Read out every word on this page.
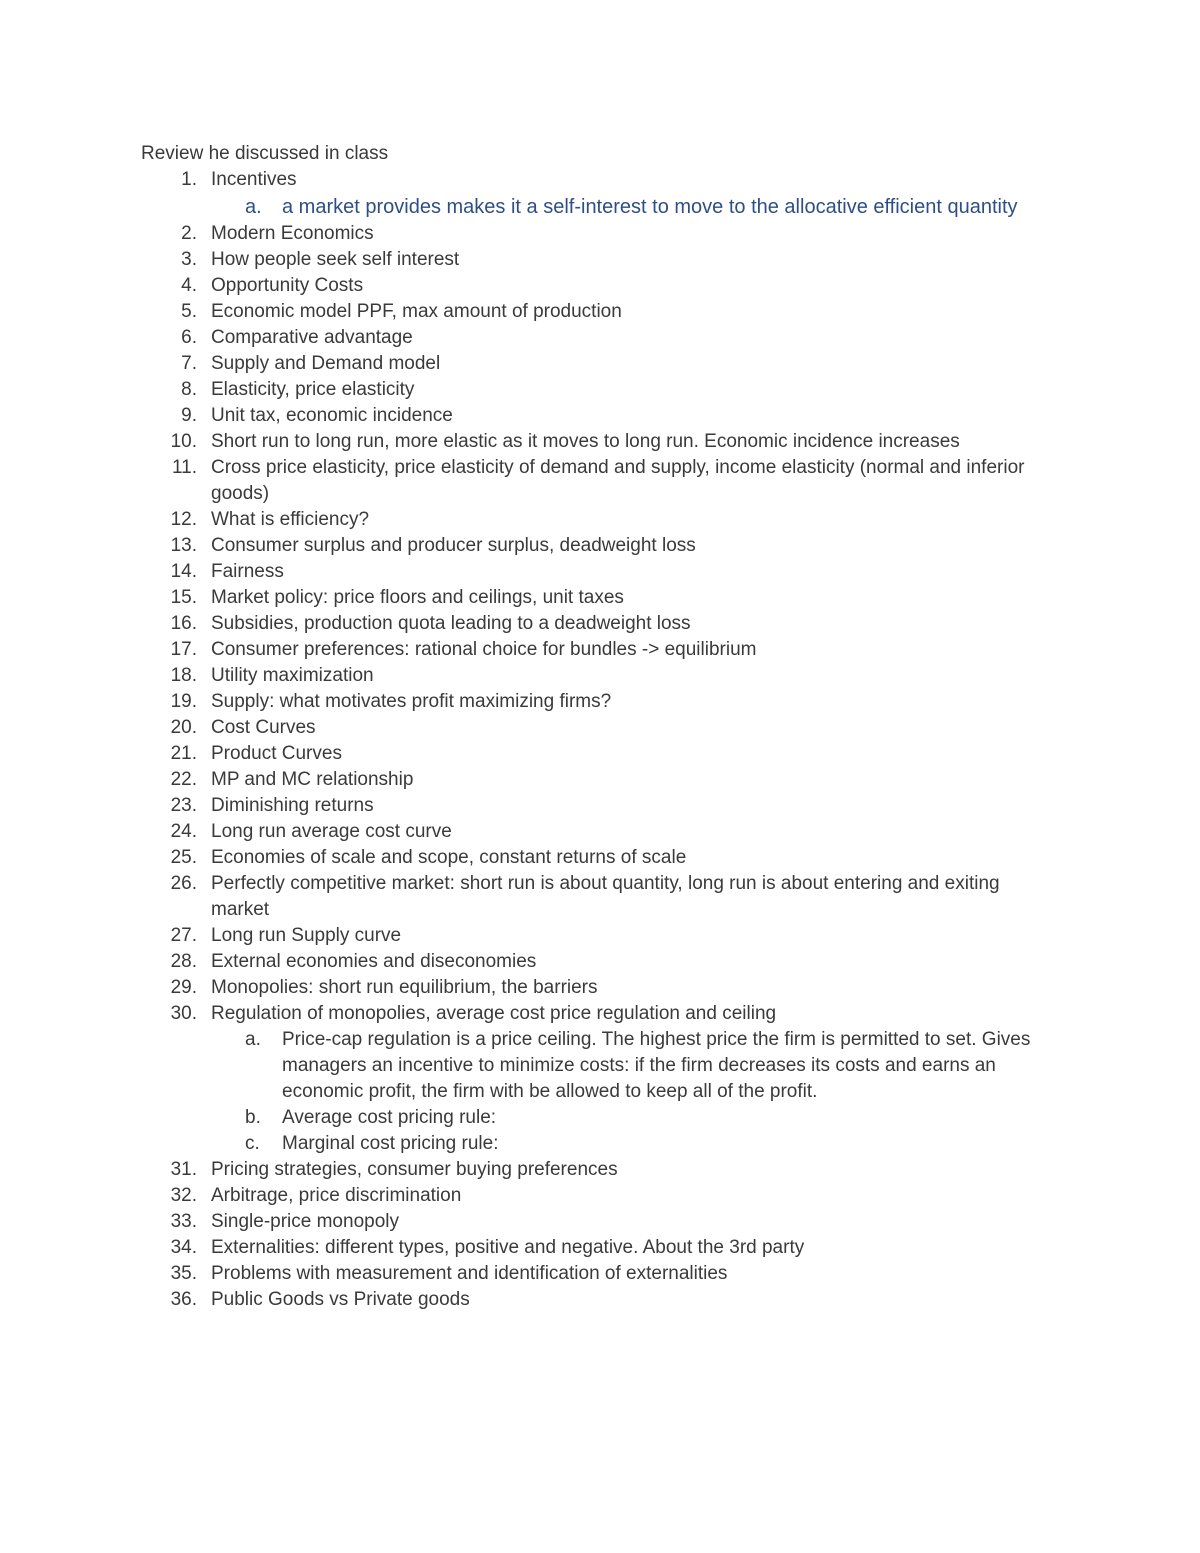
Review he discussed in class
1. Incentives
a. a market provides makes it a self-interest to move to the allocative efficient quantity
2. Modern Economics
3. How people seek self interest
4. Opportunity Costs
5. Economic model PPF, max amount of production
6. Comparative advantage
7. Supply and Demand model
8. Elasticity, price elasticity
9. Unit tax, economic incidence
10. Short run to long run, more elastic as it moves to long run. Economic incidence increases
11. Cross price elasticity, price elasticity of demand and supply, income elasticity (normal and inferior goods)
12. What is efficiency?
13. Consumer surplus and producer surplus, deadweight loss
14. Fairness
15. Market policy: price floors and ceilings, unit taxes
16. Subsidies, production quota leading to a deadweight loss
17. Consumer preferences: rational choice for bundles -> equilibrium
18. Utility maximization
19. Supply: what motivates profit maximizing firms?
20. Cost Curves
21. Product Curves
22. MP and MC relationship
23. Diminishing returns
24. Long run average cost curve
25. Economies of scale and scope, constant returns of scale
26. Perfectly competitive market: short run is about quantity, long run is about entering and exiting market
27. Long run Supply curve
28. External economies and diseconomies
29. Monopolies: short run equilibrium, the barriers
30. Regulation of monopolies, average cost price regulation and ceiling
a.	Price-cap regulation is a price ceiling. The highest price the firm is permitted to set. Gives managers an incentive to minimize costs: if the firm decreases its costs and earns an economic profit, the firm with be allowed to keep all of the profit.
b.	Average cost pricing rule:
c.	Marginal cost pricing rule:
31. Pricing strategies, consumer buying preferences
32. Arbitrage, price discrimination
33. Single-price monopoly
34. Externalities: different types, positive and negative. About the 3rd party
35. Problems with measurement and identification of externalities
36. Public Goods vs Private goods
